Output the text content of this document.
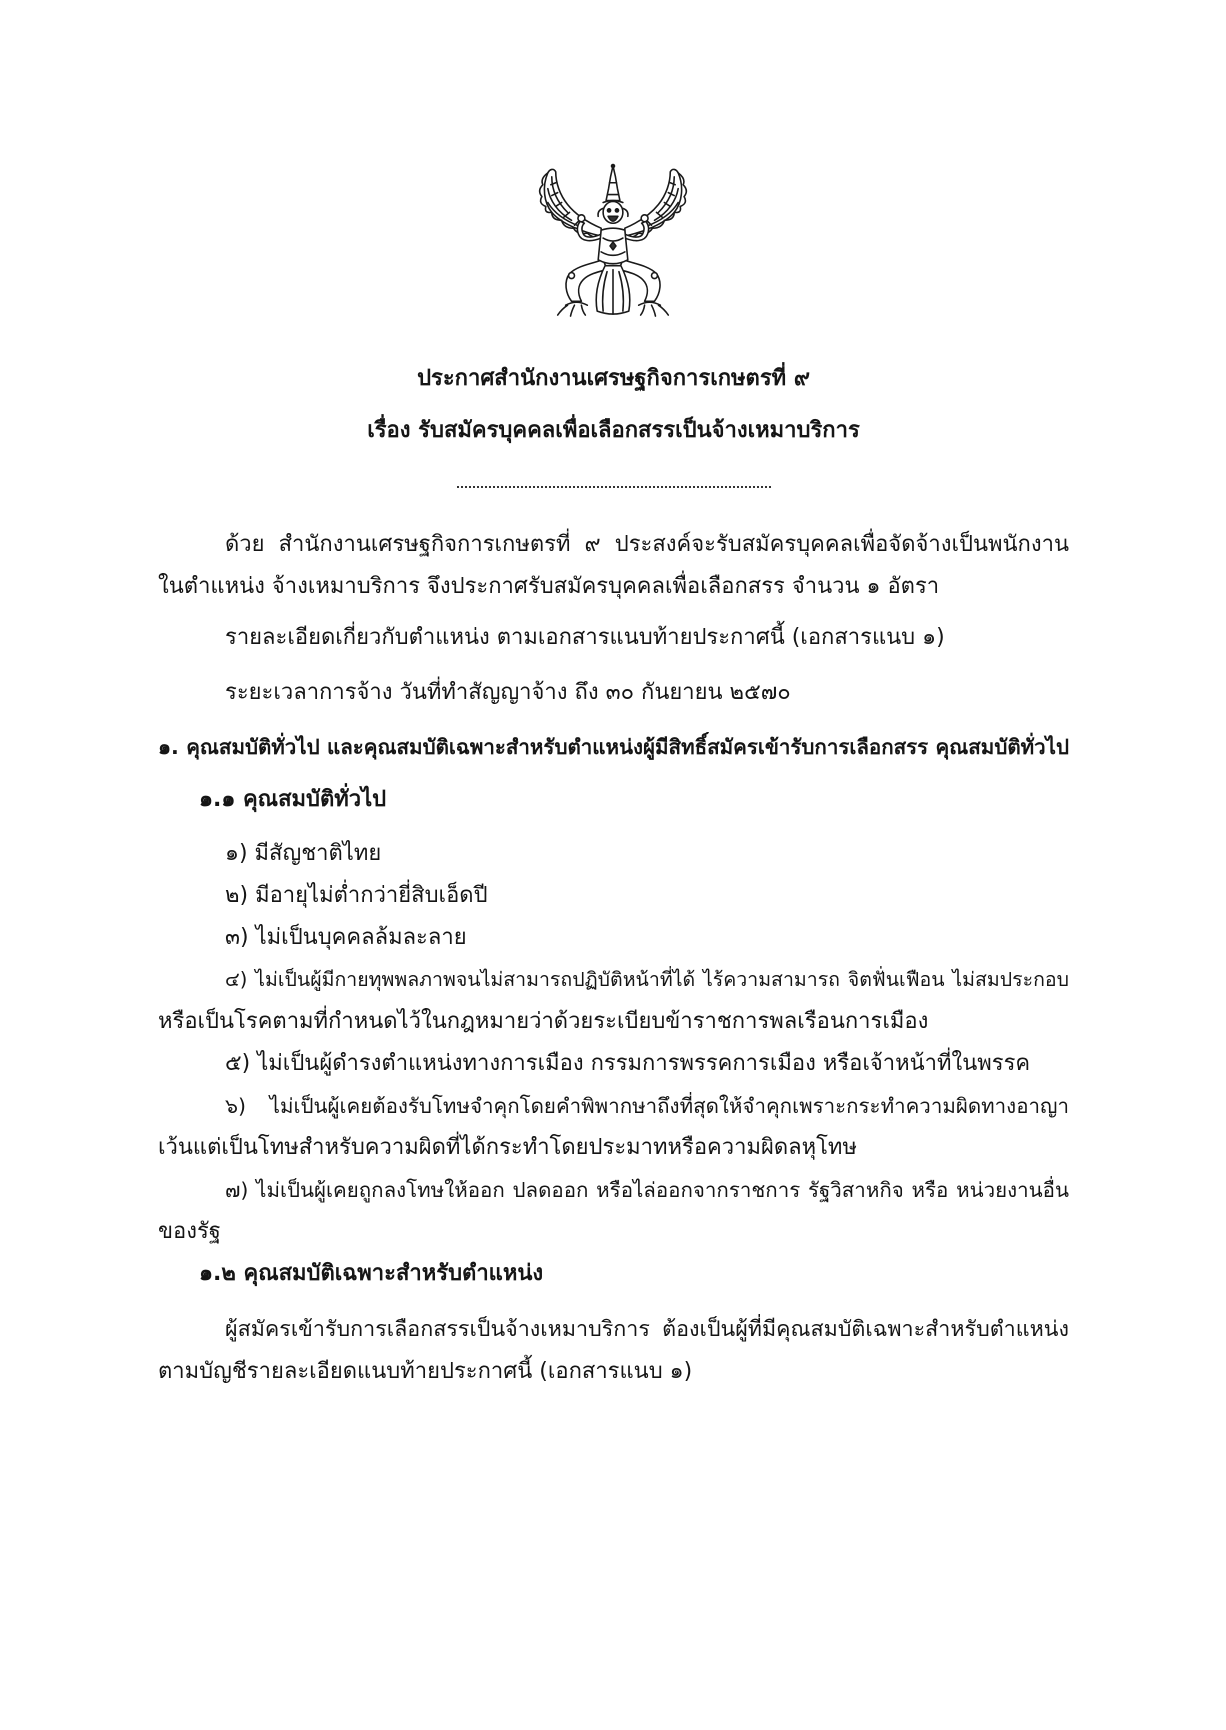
ประกาศสำนักงานเศรษฐกิจการเกษตรที่ ๙
เรื่อง รับสมัครบุคคลเพื่อเลือกสรรเป็นจ้างเหมาบริการ
ด้วย สำนักงานเศรษฐกิจการเกษตรที่ ๙ ประสงค์จะรับสมัครบุคคลเพื่อจัดจ้างเป็นพนักงาน
ในตำแหน่ง จ้างเหมาบริการ จึงประกาศรับสมัครบุคคลเพื่อเลือกสรร จำนวน ๑ อัตรา
รายละเอียดเกี่ยวกับตำแหน่ง ตามเอกสารแนบท้ายประกาศนี้ (เอกสารแนบ ๑)
ระยะเวลาการจ้าง วันที่ทำสัญญาจ้าง ถึง ๓๐ กันยายน ๒๕๗๐
๑. คุณสมบัติทั่วไป และคุณสมบัติเฉพาะสำหรับตำแหน่งผู้มีสิทธิ์สมัครเข้ารับการเลือกสรร คุณสมบัติทั่วไป
๑.๑ คุณสมบัติทั่วไป
๑) มีสัญชาติไทย
๒) มีอายุไม่ต่ำกว่ายี่สิบเอ็ดปี
๓) ไม่เป็นบุคคลล้มละลาย
๔) ไม่เป็นผู้มีกายทุพพลภาพจนไม่สามารถปฏิบัติหน้าที่ได้ ไร้ความสามารถ จิตฟั่นเฟือน ไม่สมประกอบ
หรือเป็นโรคตามที่กำหนดไว้ในกฎหมายว่าด้วยระเบียบข้าราชการพลเรือนการเมือง
๕) ไม่เป็นผู้ดำรงตำแหน่งทางการเมือง กรรมการพรรคการเมือง หรือเจ้าหน้าที่ในพรรค
๖) ไม่เป็นผู้เคยต้องรับโทษจำคุกโดยคำพิพากษาถึงที่สุดให้จำคุกเพราะกระทำความผิดทางอาญา
เว้นแต่เป็นโทษสำหรับความผิดที่ได้กระทำโดยประมาทหรือความผิดลหุโทษ
๗) ไม่เป็นผู้เคยถูกลงโทษให้ออก ปลดออก หรือไล่ออกจากราชการ รัฐวิสาหกิจ หรือ หน่วยงานอื่น
ของรัฐ
๑.๒ คุณสมบัติเฉพาะสำหรับตำแหน่ง
ผู้สมัครเข้ารับการเลือกสรรเป็นจ้างเหมาบริการ ต้องเป็นผู้ที่มีคุณสมบัติเฉพาะสำหรับตำแหน่ง
ตามบัญชีรายละเอียดแนบท้ายประกาศนี้ (เอกสารแนบ ๑)
